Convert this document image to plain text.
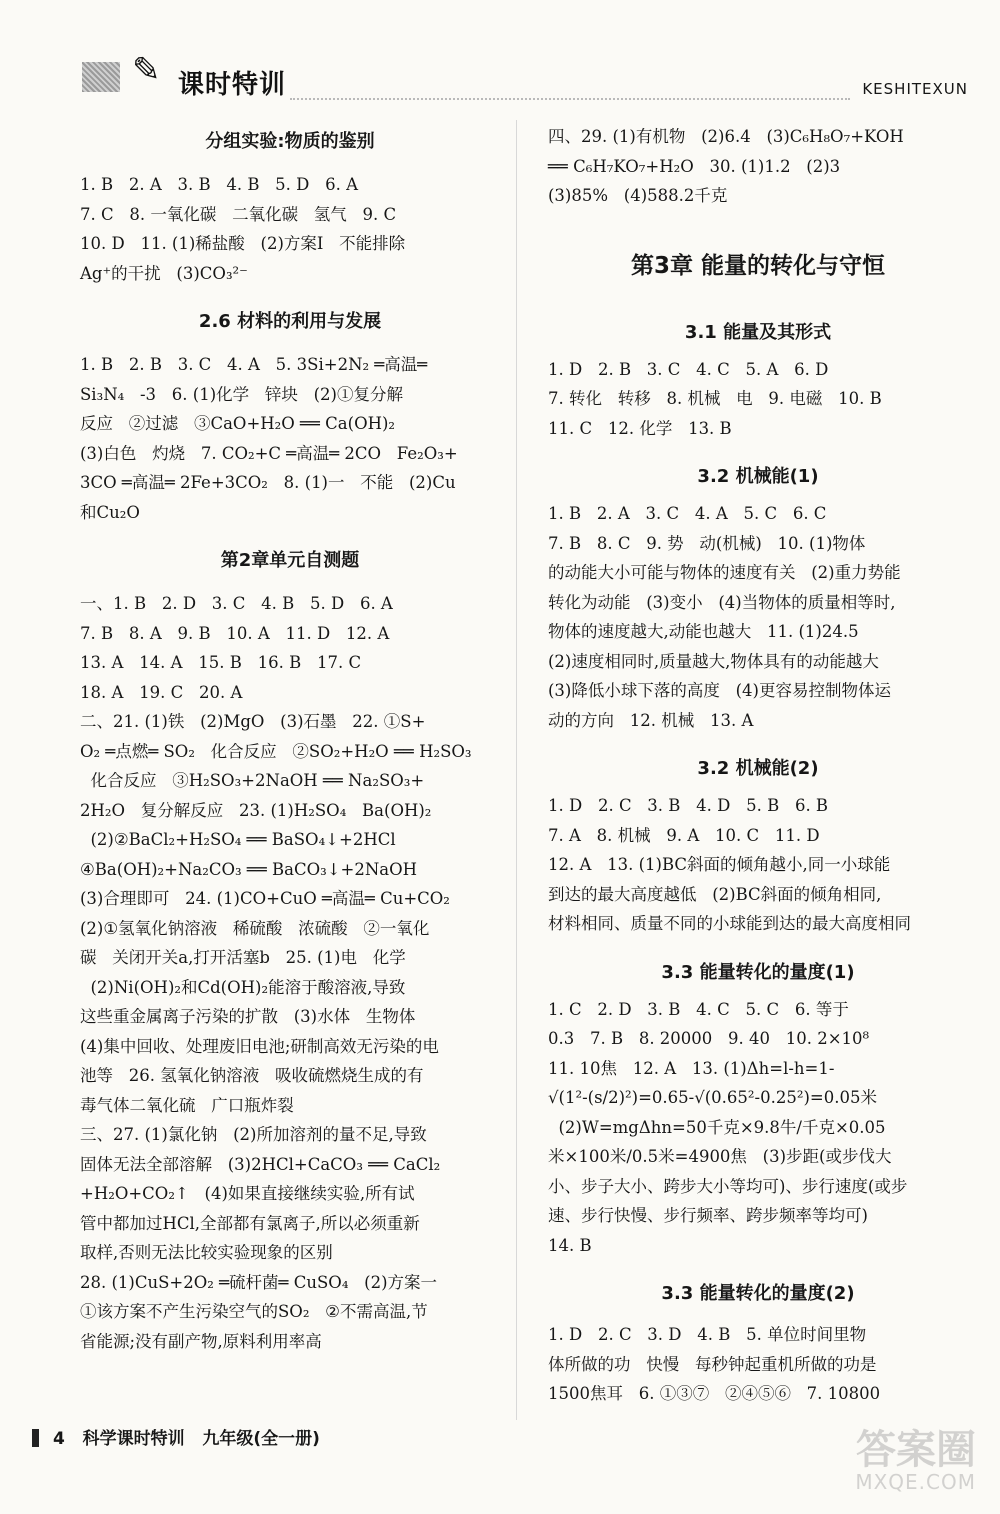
✎ 课时特训	KESHITEXUN
分组实验:物质的鉴别
1. B   2. A   3. B   4. B   5. D   6. A
7. C   8. 一氧化碳   二氧化碳   氢气   9. C
10. D   11. (1)稀盐酸   (2)方案Ⅰ   不能排除
Ag⁺的干扰   (3)CO₃²⁻
2.6 材料的利用与发展
1. B   2. B   3. C   4. A   5. 3Si+2N₂ ═高温═
Si₃N₄   -3   6. (1)化学   锌块   (2)①复分解
反应   ②过滤   ③CaO+H₂O ══ Ca(OH)₂
(3)白色   灼烧   7. CO₂+C ═高温═ 2CO   Fe₂O₃+
3CO ═高温═ 2Fe+3CO₂   8. (1)一   不能   (2)Cu
和Cu₂O
第2章单元自测题
一、1. B   2. D   3. C   4. B   5. D   6. A
7. B   8. A   9. B   10. A   11. D   12. A
13. A   14. A   15. B   16. B   17. C
18. A   19. C   20. A
二、21. (1)铁   (2)MgO   (3)石墨   22. ①S+
O₂ ═点燃═ SO₂   化合反应   ②SO₂+H₂O ══ H₂SO₃
化合反应   ③H₂SO₃+2NaOH ══ Na₂SO₃+
2H₂O   复分解反应   23. (1)H₂SO₄   Ba(OH)₂
(2)②BaCl₂+H₂SO₄ ══ BaSO₄↓+2HCl
④Ba(OH)₂+Na₂CO₃ ══ BaCO₃↓+2NaOH
(3)合理即可   24. (1)CO+CuO ═高温═ Cu+CO₂
(2)①氢氧化钠溶液   稀硫酸   浓硫酸   ②一氧化
碳   关闭开关a,打开活塞b   25. (1)电   化学
(2)Ni(OH)₂和Cd(OH)₂能溶于酸溶液,导致
这些重金属离子污染的扩散   (3)水体   生物体
(4)集中回收、处理废旧电池;研制高效无污染的电
池等   26. 氢氧化钠溶液   吸收硫燃烧生成的有
毒气体二氧化硫   广口瓶炸裂
三、27. (1)氯化钠   (2)所加溶剂的量不足,导致
固体无法全部溶解   (3)2HCl+CaCO₃ ══ CaCl₂
+H₂O+CO₂↑   (4)如果直接继续实验,所有试
管中都加过HCl,全部都有氯离子,所以必须重新
取样,否则无法比较实验现象的区别
28. (1)CuS+2O₂ ═硫杆菌═ CuSO₄   (2)方案一
①该方案不产生污染空气的SO₂   ②不需高温,节
省能源;没有副产物,原料利用率高
四、29. (1)有机物   (2)6.4   (3)C₆H₈O₇+KOH
══ C₆H₇KO₇+H₂O   30. (1)1.2   (2)3
(3)85%   (4)588.2千克
第3章 能量的转化与守恒
3.1 能量及其形式
1. D   2. B   3. C   4. C   5. A   6. D
7. 转化   转移   8. 机械   电   9. 电磁   10. B
11. C   12. 化学   13. B
3.2 机械能(1)
1. B   2. A   3. C   4. A   5. C   6. C
7. B   8. C   9. 势   动(机械)   10. (1)物体
的动能大小可能与物体的速度有关   (2)重力势能
转化为动能   (3)变小   (4)当物体的质量相等时,
物体的速度越大,动能也越大   11. (1)24.5
(2)速度相同时,质量越大,物体具有的动能越大
(3)降低小球下落的高度   (4)更容易控制物体运
动的方向   12. 机械   13. A
3.2 机械能(2)
1. D   2. C   3. B   4. D   5. B   6. B
7. A   8. 机械   9. A   10. C   11. D
12. A   13. (1)BC斜面的倾角越小,同一小球能
到达的最大高度越低   (2)BC斜面的倾角相同,
材料相同、质量不同的小球能到达的最大高度相同
3.3 能量转化的量度(1)
1. C   2. D   3. B   4. C   5. C   6. 等于
0.3   7. B   8. 20000   9. 40   10. 2×10⁸
11. 10焦   12. A   13. (1)Δh=l-h=1-
√(1²-(s/2)²)=0.65-√(0.65²-0.25²)=0.05米
(2)W=mgΔhn=50千克×9.8牛/千克×0.05
米×100米/0.5米=4900焦   (3)步距(或步伐大
小、步子大小、跨步大小等均可)、步行速度(或步
速、步行快慢、步行频率、跨步频率等均可)
14. B
3.3 能量转化的量度(2)
1. D   2. C   3. D   4. B   5. 单位时间里物
体所做的功   快慢   每秒钟起重机所做的功是
1500焦耳   6. ①③⑦   ②④⑤⑥   7. 10800
4 科学课时特训 九年级(全一册)	答案圈
MXQE.COM
